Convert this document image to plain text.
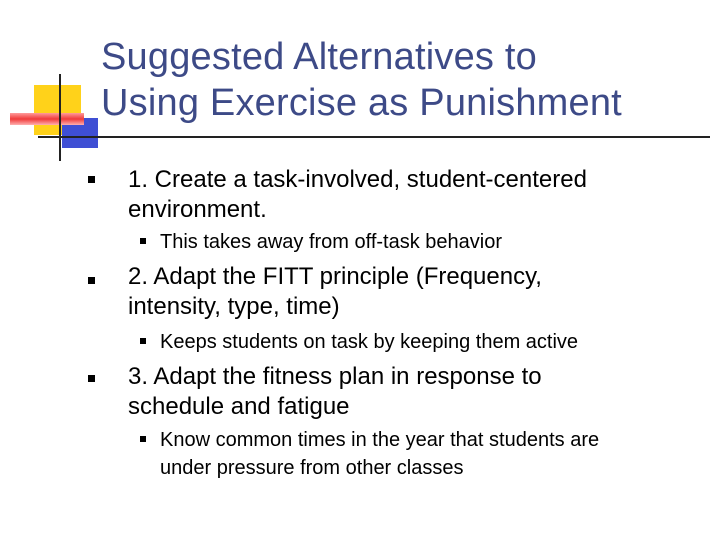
Suggested Alternatives to
Using Exercise as Punishment
1. Create a task-involved, student-centered
environment.
This takes away from off-task behavior
2. Adapt the FITT principle (Frequency,
intensity, type, time)
Keeps students on task by keeping them active
3. Adapt the fitness plan in response to
schedule and fatigue
Know common times in the year that students are
under pressure from other classes
